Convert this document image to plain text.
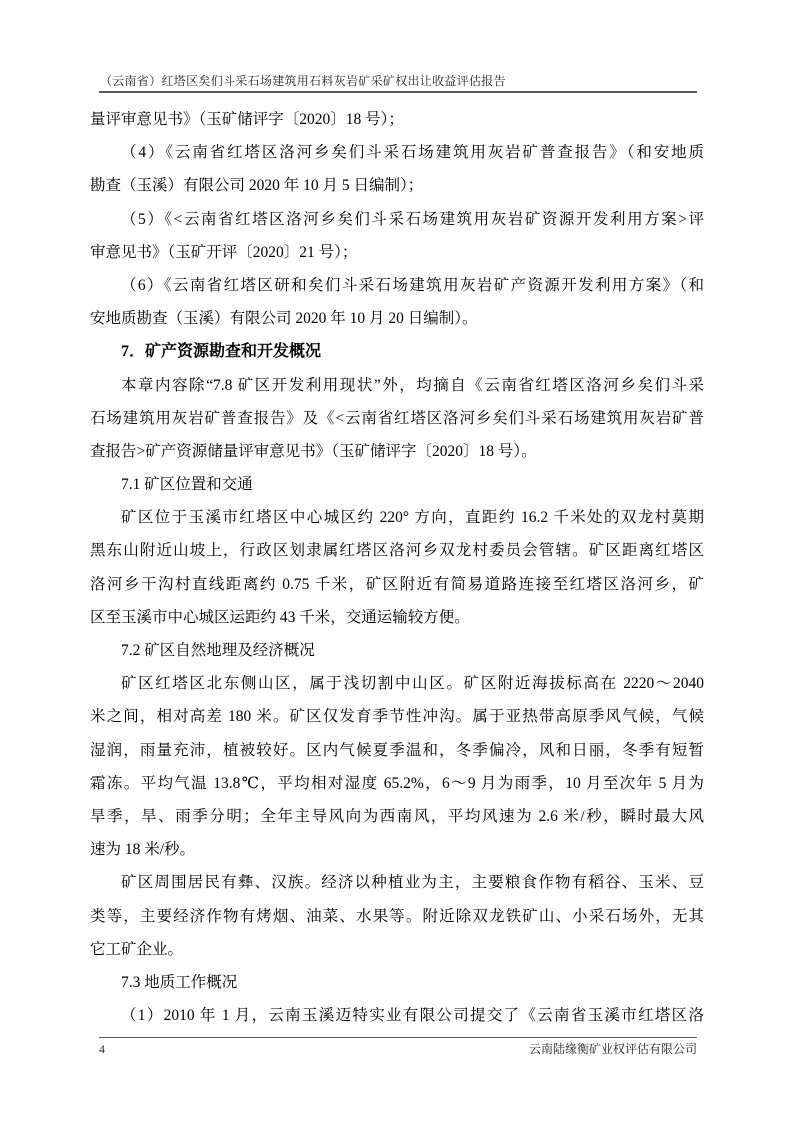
（云南省）红塔区矣们斗采石场建筑用石料灰岩矿采矿权出让收益评估报告
量评审意见书》（玉矿储评字〔2020〕18 号）；
（4）《云南省红塔区洛河乡矣们斗采石场建筑用灰岩矿普查报告》（和安地质
勘查（玉溪）有限公司 2020 年 10 月 5 日编制）；
（5）《<云南省红塔区洛河乡矣们斗采石场建筑用灰岩矿资源开发利用方案>评
审意见书》（玉矿开评〔2020〕21 号）；
（6）《云南省红塔区研和矣们斗采石场建筑用灰岩矿产资源开发利用方案》（和
安地质勘查（玉溪）有限公司 2020 年 10 月 20 日编制）。
7．矿产资源勘查和开发概况
本章内容除“7.8 矿区开发利用现状”外，均摘自《云南省红塔区洛河乡矣们斗采
石场建筑用灰岩矿普查报告》及《<云南省红塔区洛河乡矣们斗采石场建筑用灰岩矿普
查报告>矿产资源储量评审意见书》（玉矿储评字〔2020〕18 号）。
7.1 矿区位置和交通
矿区位于玉溪市红塔区中心城区约 220° 方向，直距约 16.2 千米处的双龙村莫期
黑东山附近山坡上，行政区划隶属红塔区洛河乡双龙村委员会管辖。矿区距离红塔区
洛河乡干沟村直线距离约 0.75 千米，矿区附近有简易道路连接至红塔区洛河乡，矿
区至玉溪市中心城区运距约 43 千米，交通运输较方便。
7.2 矿区自然地理及经济概况
矿区红塔区北东侧山区，属于浅切割中山区。矿区附近海拔标高在 2220～2040
米之间，相对高差 180 米。矿区仅发育季节性冲沟。属于亚热带高原季风气候，气候
湿润，雨量充沛，植被较好。区内气候夏季温和，冬季偏冷，风和日丽，冬季有短暂
霜冻。平均气温 13.8℃，平均相对湿度 65.2%，6～9 月为雨季，10 月至次年 5 月为
旱季，旱、雨季分明；全年主导风向为西南风，平均风速为 2.6 米/秒，瞬时最大风
速为 18 米/秒。
矿区周围居民有彝、汉族。经济以种植业为主，主要粮食作物有稻谷、玉米、豆
类等，主要经济作物有烤烟、油菜、水果等。附近除双龙铁矿山、小采石场外，无其
它工矿企业。
7.3 地质工作概况
（1）2010 年 1 月，云南玉溪迈特实业有限公司提交了《云南省玉溪市红塔区洛
4	云南陆缘衡矿业权评估有限公司
